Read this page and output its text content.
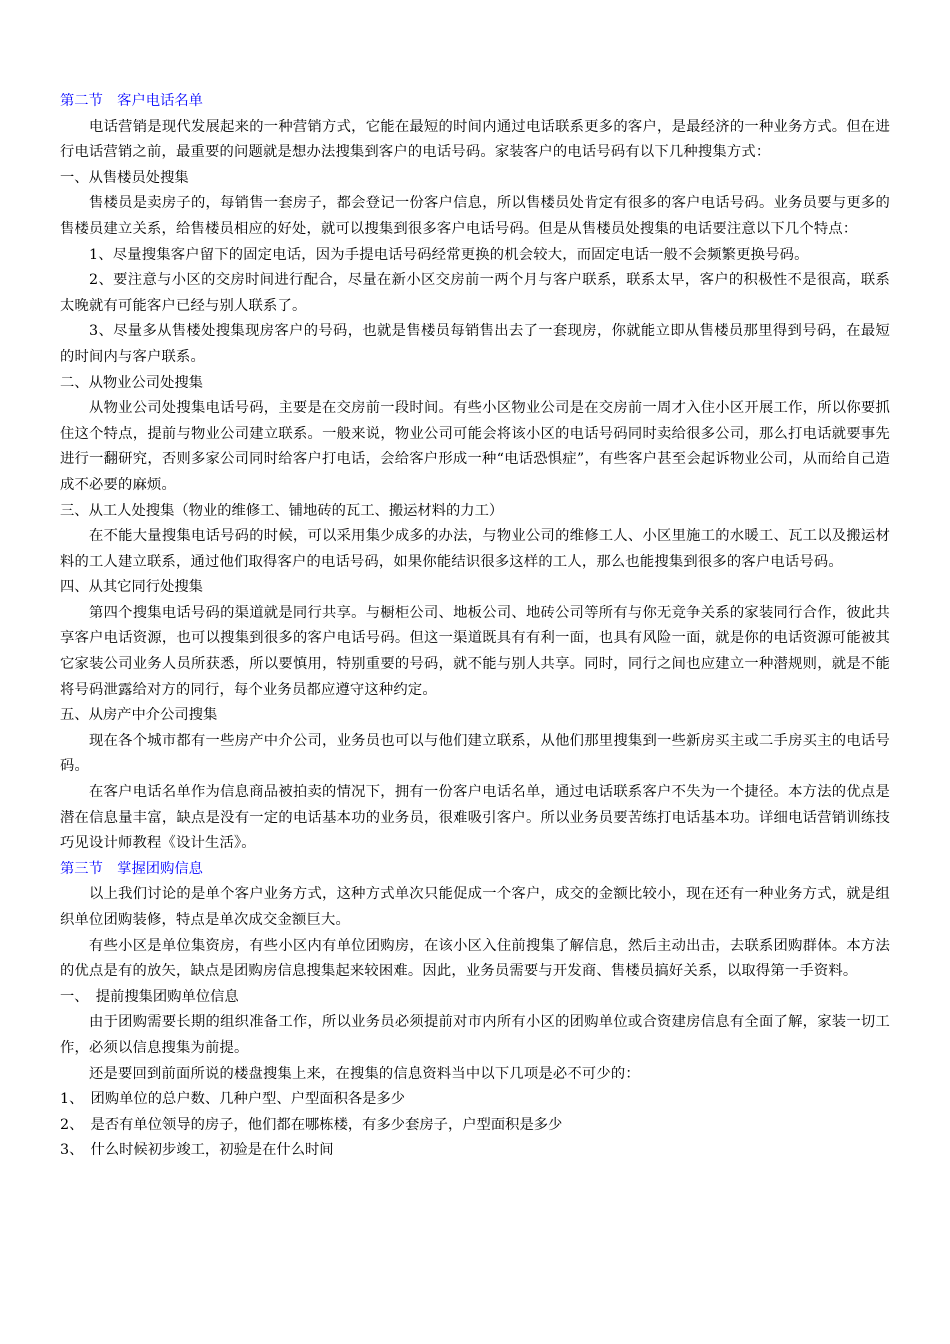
第二节　客户电话名单

电话营销是现代发展起来的一种营销方式，它能在最短的时间内通过电话联系更多的客户，是最经济的一种业务方式。但在进行电话营销之前，最重要的问题就是想办法搜集到客户的电话号码。家装客户的电话号码有以下几种搜集方式：

一、从售楼员处搜集

售楼员是卖房子的，每销售一套房子，都会登记一份客户信息，所以售楼员处肯定有很多的客户电话号码。业务员要与更多的售楼员建立关系，给售楼员相应的好处，就可以搜集到很多客户电话号码。但是从售楼员处搜集的电话要注意以下几个特点：

1、尽量搜集客户留下的固定电话，因为手提电话号码经常更换的机会较大，而固定电话一般不会频繁更换号码。

2、要注意与小区的交房时间进行配合，尽量在新小区交房前一两个月与客户联系，联系太早，客户的积极性不是很高，联系太晚就有可能客户已经与别人联系了。

3、尽量多从售楼处搜集现房客户的号码，也就是售楼员每销售出去了一套现房，你就能立即从售楼员那里得到号码，在最短的时间内与客户联系。

二、从物业公司处搜集

从物业公司处搜集电话号码，主要是在交房前一段时间。有些小区物业公司是在交房前一周才入住小区开展工作，所以你要抓住这个特点，提前与物业公司建立联系。一般来说，物业公司可能会将该小区的电话号码同时卖给很多公司，那么打电话就要事先进行一翻研究，否则多家公司同时给客户打电话，会给客户形成一种“电话恐惧症”，有些客户甚至会起诉物业公司，从而给自己造成不必要的麻烦。

三、从工人处搜集（物业的维修工、铺地砖的瓦工、搬运材料的力工）

在不能大量搜集电话号码的时候，可以采用集少成多的办法，与物业公司的维修工人、小区里施工的水暖工、瓦工以及搬运材料的工人建立联系，通过他们取得客户的电话号码，如果你能结识很多这样的工人，那么也能搜集到很多的客户电话号码。

四、从其它同行处搜集

第四个搜集电话号码的渠道就是同行共享。与橱柜公司、地板公司、地砖公司等所有与你无竞争关系的家装同行合作，彼此共享客户电话资源，也可以搜集到很多的客户电话号码。但这一渠道既具有有利一面，也具有风险一面，就是你的电话资源可能被其它家装公司业务人员所获悉，所以要慎用，特别重要的号码，就不能与别人共享。同时，同行之间也应建立一种潜规则，就是不能将号码泄露给对方的同行，每个业务员都应遵守这种约定。

五、从房产中介公司搜集

现在各个城市都有一些房产中介公司，业务员也可以与他们建立联系，从他们那里搜集到一些新房买主或二手房买主的电话号码。

在客户电话名单作为信息商品被拍卖的情况下，拥有一份客户电话名单，通过电话联系客户不失为一个捷径。本方法的优点是潜在信息量丰富，缺点是没有一定的电话基本功的业务员，很难吸引客户。所以业务员要苦练打电话基本功。详细电话营销训练技巧见设计师教程《设计生活》。

第三节　掌握团购信息

以上我们讨论的是单个客户业务方式，这种方式单次只能促成一个客户，成交的金额比较小，现在还有一种业务方式，就是组织单位团购装修，特点是单次成交金额巨大。

有些小区是单位集资房，有些小区内有单位团购房，在该小区入住前搜集了解信息，然后主动出击，去联系团购群体。本方法的优点是有的放矢，缺点是团购房信息搜集起来较困难。因此，业务员需要与开发商、售楼员搞好关系，以取得第一手资料。

一、　提前搜集团购单位信息

由于团购需要长期的组织准备工作，所以业务员必须提前对市内所有小区的团购单位或合资建房信息有全面了解，家装一切工作，必须以信息搜集为前提。

还是要回到前面所说的楼盘搜集上来，在搜集的信息资料当中以下几项是必不可少的：

1、　团购单位的总户数、几种户型、户型面积各是多少
2、　是否有单位领导的房子，他们都在哪栋楼，有多少套房子，户型面积是多少
3、　什么时候初步竣工，初验是在什么时间
